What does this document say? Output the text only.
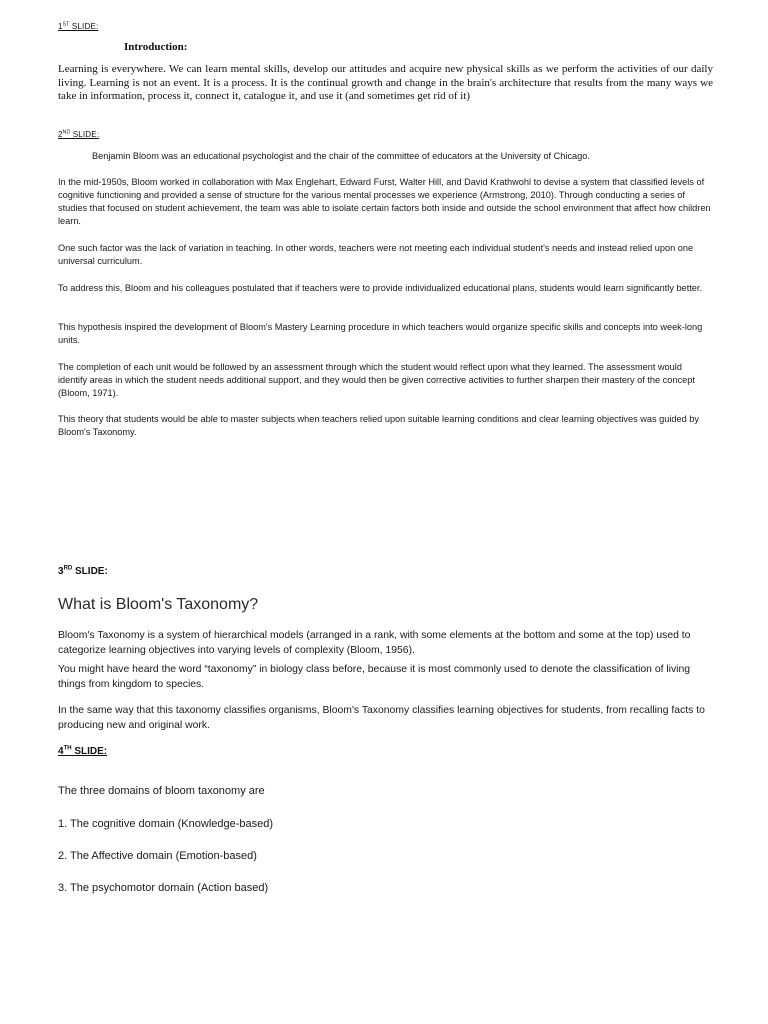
1ST SLIDE:
Introduction:

Learning is everywhere. We can learn mental skills, develop our attitudes and acquire new physical skills as we perform the activities of our daily living. Learning is not an event. It is a process. It is the continual growth and change in the brain's architecture that results from the many ways we take in information, process it, connect it, catalogue it, and use it (and sometimes get rid of it)

2ND SLIDE:

Benjamin Bloom was an educational psychologist and the chair of the committee of educators at the University of Chicago.

In the mid-1950s, Bloom worked in collaboration with Max Englehart, Edward Furst, Walter Hill, and David Krathwohl to devise a system that classified levels of cognitive functioning and provided a sense of structure for the various mental processes we experience (Armstrong, 2010). Through conducting a series of studies that focused on student achievement, the team was able to isolate certain factors both inside and outside the school environment that affect how children learn.

One such factor was the lack of variation in teaching. In other words, teachers were not meeting each individual student's needs and instead relied upon one universal curriculum.

To address this, Bloom and his colleagues postulated that if teachers were to provide individualized educational plans, students would learn significantly better.

This hypothesis inspired the development of Bloom's Mastery Learning procedure in which teachers would organize specific skills and concepts into week-long units.

The completion of each unit would be followed by an assessment through which the student would reflect upon what they learned. The assessment would identify areas in which the student needs additional support, and they would then be given corrective activities to further sharpen their mastery of the concept (Bloom, 1971).

This theory that students would be able to master subjects when teachers relied upon suitable learning conditions and clear learning objectives was guided by Bloom's Taxonomy.

3RD SLIDE:
What is Bloom's Taxonomy?

Bloom's Taxonomy is a system of hierarchical models (arranged in a rank, with some elements at the bottom and some at the top) used to categorize learning objectives into varying levels of complexity (Bloom, 1956).

You might have heard the word “taxonomy” in biology class before, because it is most commonly used to denote the classification of living things from kingdom to species.

In the same way that this taxonomy classifies organisms, Bloom's Taxonomy classifies learning objectives for students, from recalling facts to producing new and original work.

4TH SLIDE:
The three domains of bloom taxonomy are
1. The cognitive domain (Knowledge-based)
2. The Affective domain (Emotion-based)
3. The psychomotor domain (Action based)
